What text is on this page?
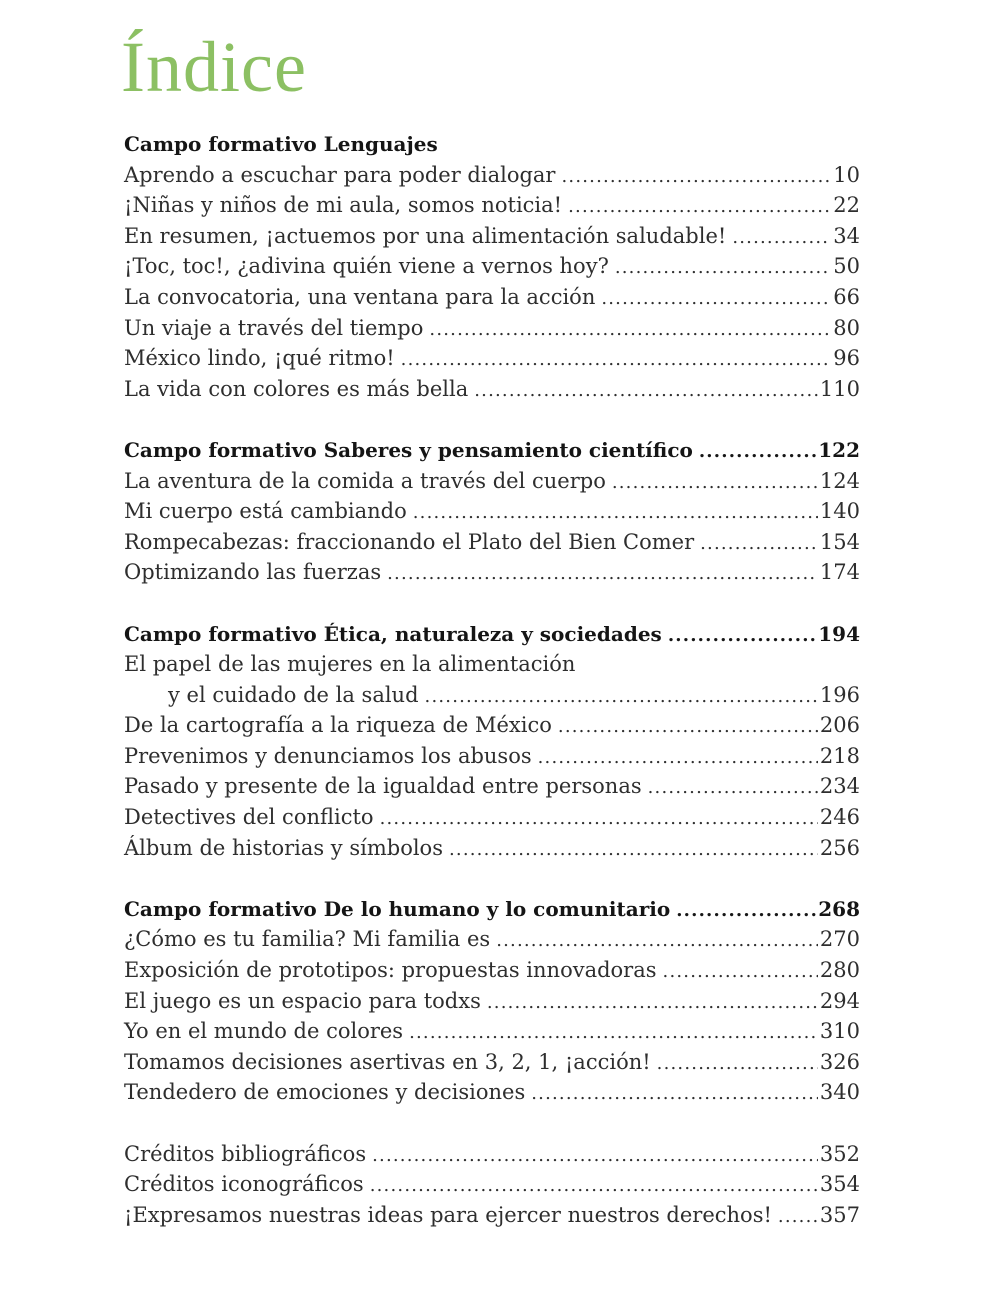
Índice
Campo formativo Lenguajes
Aprendo a escuchar para poder dialogar .....	10
¡Niñas y niños de mi aula, somos noticia! .....	22
En resumen, ¡actuemos por una alimentación saludable! .....	34
¡Toc, toc!, ¿adivina quién viene a vernos hoy? .....	50
La convocatoria, una ventana para la acción .....	66
Un viaje a través del tiempo .....	80
México lindo, ¡qué ritmo! .....	96
La vida con colores es más bella .....	110
Campo formativo Saberes y pensamiento científico .....	122
La aventura de la comida a través del cuerpo .....	124
Mi cuerpo está cambiando .....	140
Rompecabezas: fraccionando el Plato del Bien Comer .....	154
Optimizando las fuerzas .....	174
Campo formativo Ética, naturaleza y sociedades .....	194
El papel de las mujeres en la alimentación
y el cuidado de la salud .....	196
De la cartografía a la riqueza de México .....	206
Prevenimos y denunciamos los abusos .....	218
Pasado y presente de la igualdad entre personas .....	234
Detectives del conflicto .....	246
Álbum de historias y símbolos .....	256
Campo formativo De lo humano y lo comunitario .....	268
¿Cómo es tu familia? Mi familia es .....	270
Exposición de prototipos: propuestas innovadoras .....	280
El juego es un espacio para todxs .....	294
Yo en el mundo de colores .....	310
Tomamos decisiones asertivas en 3, 2, 1, ¡acción! .....	326
Tendedero de emociones y decisiones .....	340
Créditos bibliográficos .....	352
Créditos iconográficos .....	354
¡Expresamos nuestras ideas para ejercer nuestros derechos! ..... 357
